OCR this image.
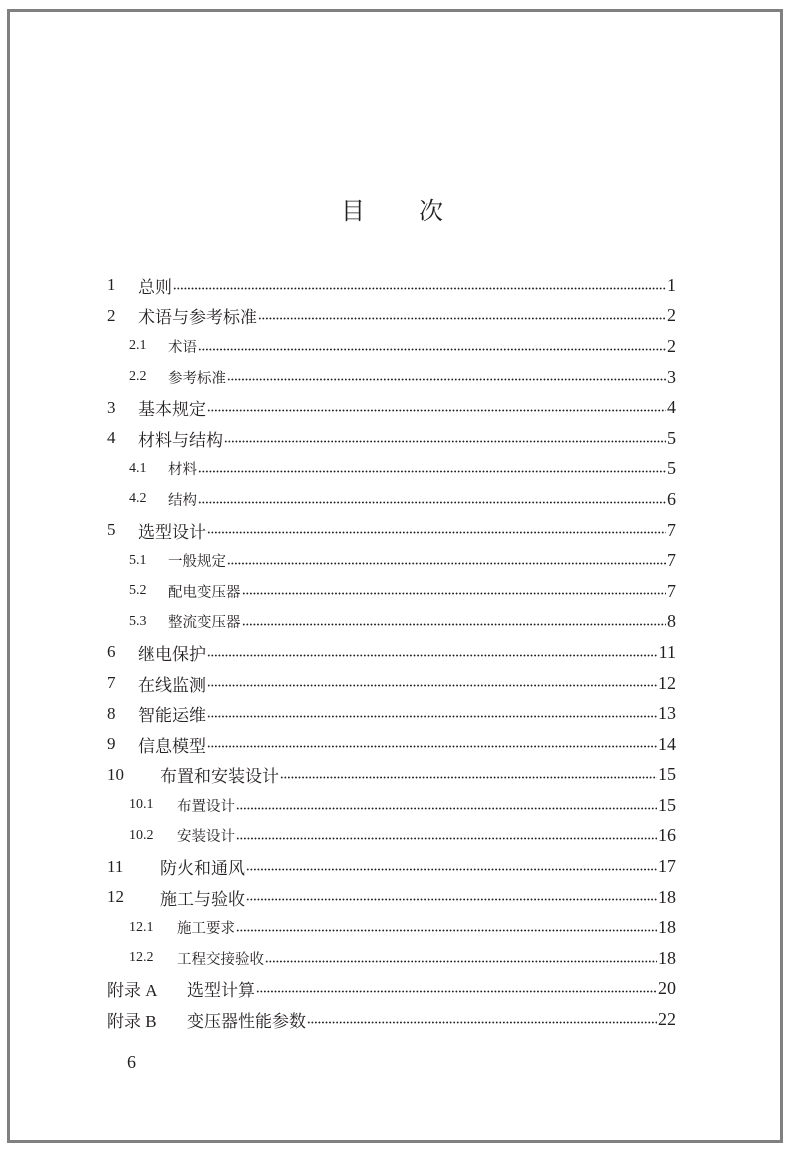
目 次
1	总则	1
2	术语与参考标准	2
2.1	术语	2
2.2	参考标准	3
3	基本规定	4
4	材料与结构	5
4.1	材料	5
4.2	结构	6
5	选型设计	7
5.1	一般规定	7
5.2	配电变压器	7
5.3	整流变压器	8
6	继电保护	11
7	在线监测	12
8	智能运维	13
9	信息模型	14
10	布置和安装设计	15
10.1	布置设计	15
10.2	安装设计	16
11	防火和通风	17
12	施工与验收	18
12.1	施工要求	18
12.2	工程交接验收	18
附录 A	选型计算	20
附录 B	变压器性能参数	22
6
